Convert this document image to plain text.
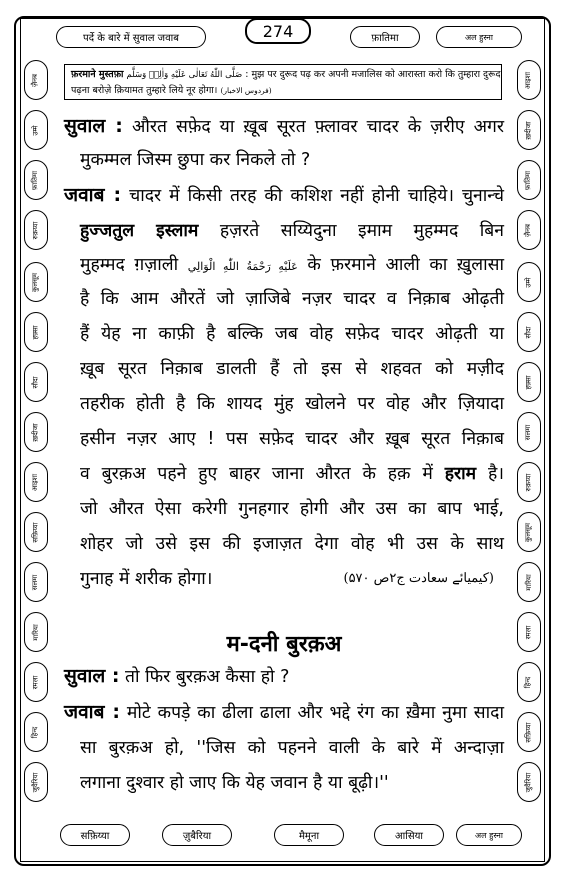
पर्दे के बारे में सुवाल जवाब	274	फ़ातिमा	अल हुस्ना
ज़ैनब
उम्मे
फ़ातिमा
रुक़य्या
कुलसूम
हफ़्सा
सौदा
ख़दीजा
आइशा
सफ़िय्या
सलमा
मारिया
रमला
हिन्द
जुवैरिया
आइशा
ख़दीजा
फ़ातिमा
ज़ैनब
उम्मे
सौदा
हफ़्सा
सलमा
रुक़य्या
कुलसूम
मारिया
रमला
हिन्द
सफ़िय्या
जुवैरिया
फ़रमाने मुस्तफ़ा صَلَّى اللّٰهُ تَعَالٰی عَلَیْهِ وَاٰلِهٖ وَسَلَّم : मुझ पर दुरूद पढ़ कर अपनी मजालिस को आरास्ता करो कि तुम्हारा दुरूद
पढ़ना बरोज़े क़ियामत तुम्हारे लिये नूर होगा। (فردوس الاخبار)
सुवाल : औरत सफ़ेद या ख़ूब सूरत फ़्लावर चादर के ज़रीए अगर
मुकम्मल जिस्म छुपा कर निकले तो ?
जवाब : चादर में किसी तरह की कशिश नहीं होनी चाहिये। चुनान्चे
हुज्जतुल इस्लाम हज़रते सय्यिदुना इमाम मुहम्मद बिन
मुहम्मद ग़ज़ाली عَلَيْهِ رَحْمَةُ اللّٰهِ الْوَالِي के फ़रमाने आली का ख़ुलासा
है कि आम औरतें जो ज़ाजिबे नज़र चादर व निक़ाब ओढ़ती
हैं येह ना काफ़ी है बल्कि जब वोह सफ़ेद चादर ओढ़ती या
ख़ूब सूरत निक़ाब डालती हैं तो इस से शहवत को मज़ीद
तहरीक होती है कि शायद मुंह खोलने पर वोह और ज़ियादा
हसीन नज़र आए ! पस सफ़ेद चादर और ख़ूब सूरत निक़ाब
व बुरक़अ पहने हुए बाहर जाना औरत के हक़ में हराम है।
जो औरत ऐसा करेगी गुनहगार होगी और उस का बाप भाई,
शोहर जो उसे इस की इजाज़त देगा वोह भी उस के साथ
गुनाह में शरीक होगा।	(کیمیائے سعادت ج۲ص ۵۷۰)
म-दनी बुरक़अ
सुवाल : तो फिर बुरक़अ कैसा हो ?
जवाब : मोटे कपड़े का ढीला ढाला और भद्दे रंग का ख़ैमा नुमा सादा
सा बुरक़अ हो, ''जिस को पहनने वाली के बारे में अन्दाज़ा
लगाना दुश्वार हो जाए कि येह जवान है या बूढ़ी।''
सफ़िय्या	ज़ुबैरिया	मैमूना	आसिया	अल हुस्ना
